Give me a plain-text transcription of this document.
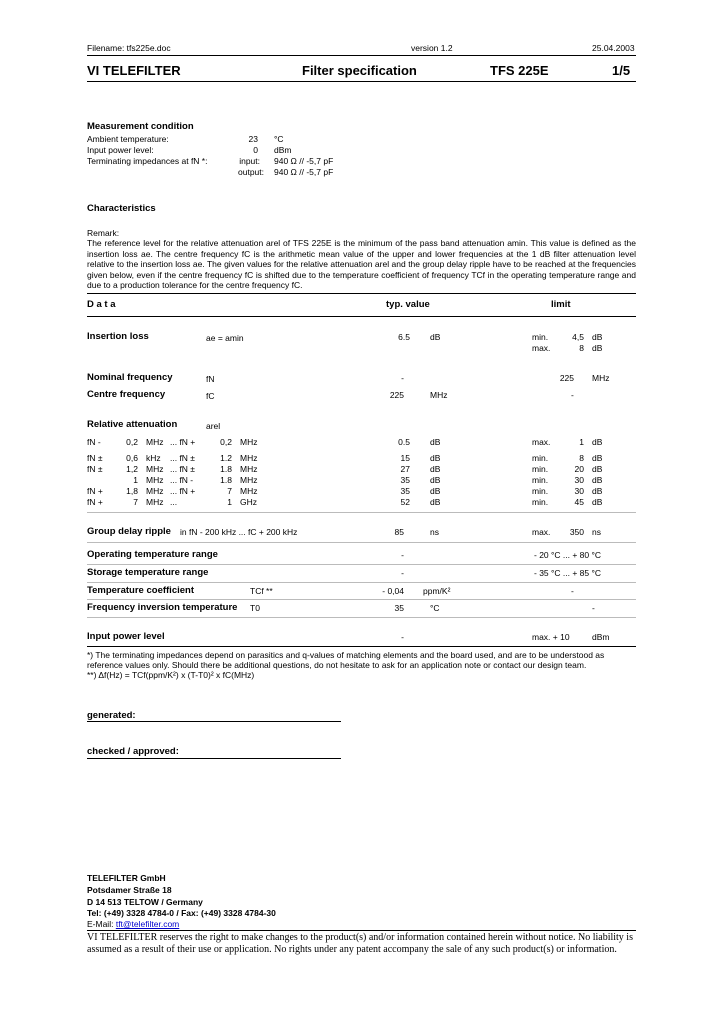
Filename: tfs225e.doc	version 1.2	25.04.2003
VI TELEFILTER	Filter specification	TFS 225E	1/5
Measurement condition
Ambient temperature:	23 °C
Input power level:	0 dBm
Terminating impedances at fN *:	input: 940 Ω // -5,7 pF
output: 940 Ω // -5,7 pF
Characteristics
Remark:
The reference level for the relative attenuation arel of TFS 225E is the minimum of the pass band attenuation amin. This value is defined as the insertion loss ae. The centre frequency fC is the arithmetic mean value of the upper and lower frequencies at the 1 dB filter attenuation level relative to the insertion loss ae. The given values for the relative attenuation arel and the group delay ripple have to be reached at the frequencies given below, even if the centre frequency fC is shifted due to the temperature coefficient of frequency TCf in the operating temperature range and due to a production tolerance for the centre frequency fC.
D a t a	typ. value	limit
Insertion loss	ae = amin	6.5 dB	min.	4,5 dB
max.	8 dB
Nominal frequency	fN	-	225 MHz
Centre frequency	fC	225	MHz	-
Relative attenuation	arel
fN -	0,2 MHz ... fN +	0,2 MHz	0.5 dB	max.	1 dB
fN ±	0,6 kHz ... fN ±	1.2 MHz	15 dB	min.	8 dB
fN ±	1,2 MHz ... fN ±	1.8 MHz	27 dB	min.	20 dB
1 MHz ... fN -	1.8 MHz	35 dB	min.	30 dB
fN +	1,8 MHz ... fN +	7 MHz	35 dB	min.	30 dB
fN +	7 MHz ...	1 GHz	52 dB	min.	45 dB
Group delay ripple in fN - 200 kHz ... fC + 200 kHz	85	ns	max.	350 ns
Operating temperature range	-	- 20 °C ... + 80 °C
Storage temperature range	-	- 35 °C ... + 85 °C
Temperature coefficient	TCf **	- 0,04 ppm/K²	-
Frequency inversion temperature T0	35	°C	-
Input power level	-	max. + 10	dBm
*) The terminating impedances depend on parasitics and q-values of matching elements and the board used, and are to be understood as
reference values only. Should there be additional questions, do not hesitate to ask for an application note or contact our design team.
**) Δf(Hz) = TCf(ppm/K²) x (T-T0)² x fC(MHz)
generated:
checked / approved:
TELEFILTER GmbH
Potsdamer Straße 18
D 14 513 TELTOW / Germany
Tel: (+49) 3328 4784-0 / Fax: (+49) 3328 4784-30
E-Mail: tft@telefilter.com
VI TELEFILTER reserves the right to make changes to the product(s) and/or information contained herein without notice. No liability is
assumed as a result of their use or application. No rights under any patent accompany the sale of any such product(s) or information.
